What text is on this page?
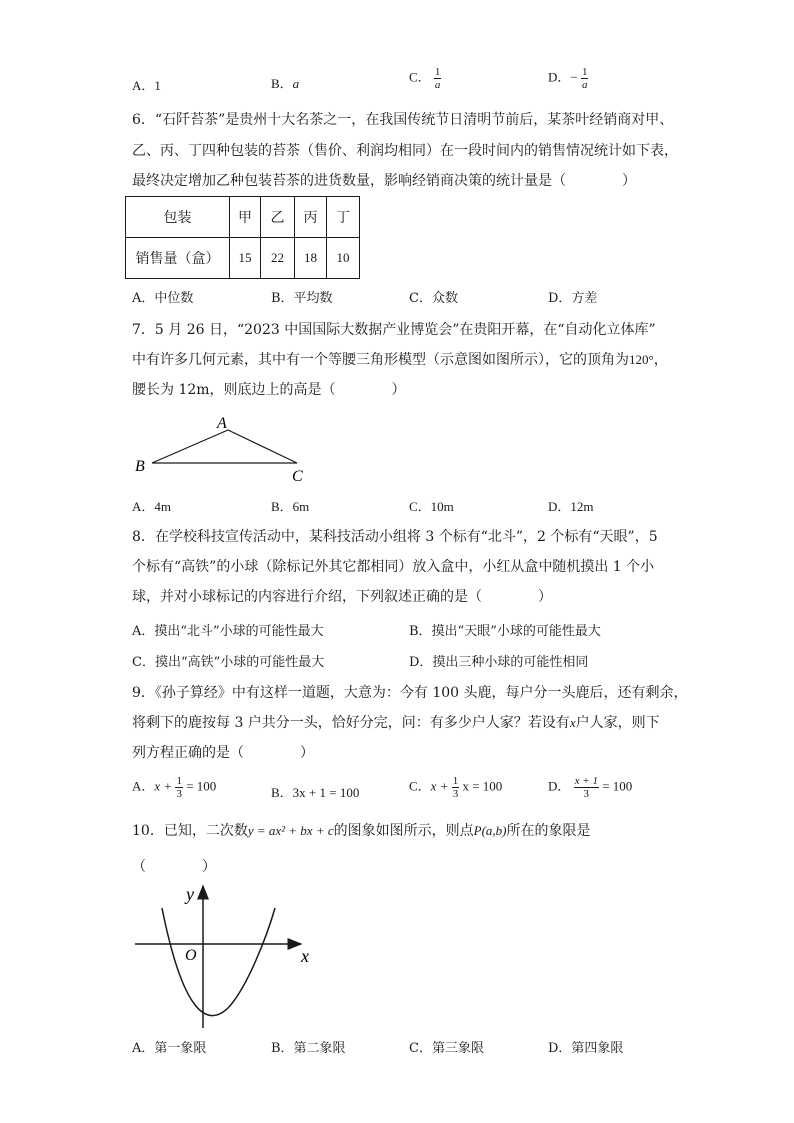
A．1	B．a	C． $\frac{1}{a}$	D．− $\frac{1}{a}$
6．“石阡苔茶”是贵州十大名茶之一，在我国传统节日清明节前后，某茶叶经销商对甲、
乙、丙、丁四种包装的苔茶（售价、利润均相同）在一段时间内的销售情况统计如下表，
最终决定增加乙种包装苔茶的进货数量，影响经销商决策的统计量是（　　　　）
包装	甲	乙	丙	丁
销售量（盒）	15	22	18	10
A．中位数	B．平均数	C．众数	D．方差
7．5 月 26 日，“2023 中国国际大数据产业博览会”在贵阳开幕，在“自动化立体库”
中有许多几何元素，其中有一个等腰三角形模型（示意图如图所示），它的顶角为120°，
腰长为 12m，则底边上的高是（　　　　）
A
B
C
A．4m	B．6m	C．10m	D．12m
8．在学校科技宣传活动中，某科技活动小组将 3 个标有“北斗”，2 个标有“天眼”，5
个标有“高铁”的小球（除标记外其它都相同）放入盒中，小红从盒中随机摸出 1 个小
球，并对小球标记的内容进行介绍，下列叙述正确的是（　　　　）
A．摸出“北斗”小球的可能性最大	B．摸出“天眼”小球的可能性最大
C．摸出“高铁”小球的可能性最大	D．摸出三种小球的可能性相同
9．《孙子算经》中有这样一道题，大意为：今有 100 头鹿，每户分一头鹿后，还有剩余，
将剩下的鹿按每 3 户共分一头，恰好分完，问：有多少户人家？若设有x户人家，则下
列方程正确的是（　　　　）
A．$x + \frac{1}{3} = 100$	B．3x + 1 = 100	C．$x + \frac{1}{3}$ x = 100	D． $\frac{x + 1}{3} = 100$
10．已知，二次数y = ax² + bx + c的图象如图所示，则点P(a,b)所在的象限是
（　　　　）
y
x
O
A．第一象限	B．第二象限	C．第三象限	D．第四象限
